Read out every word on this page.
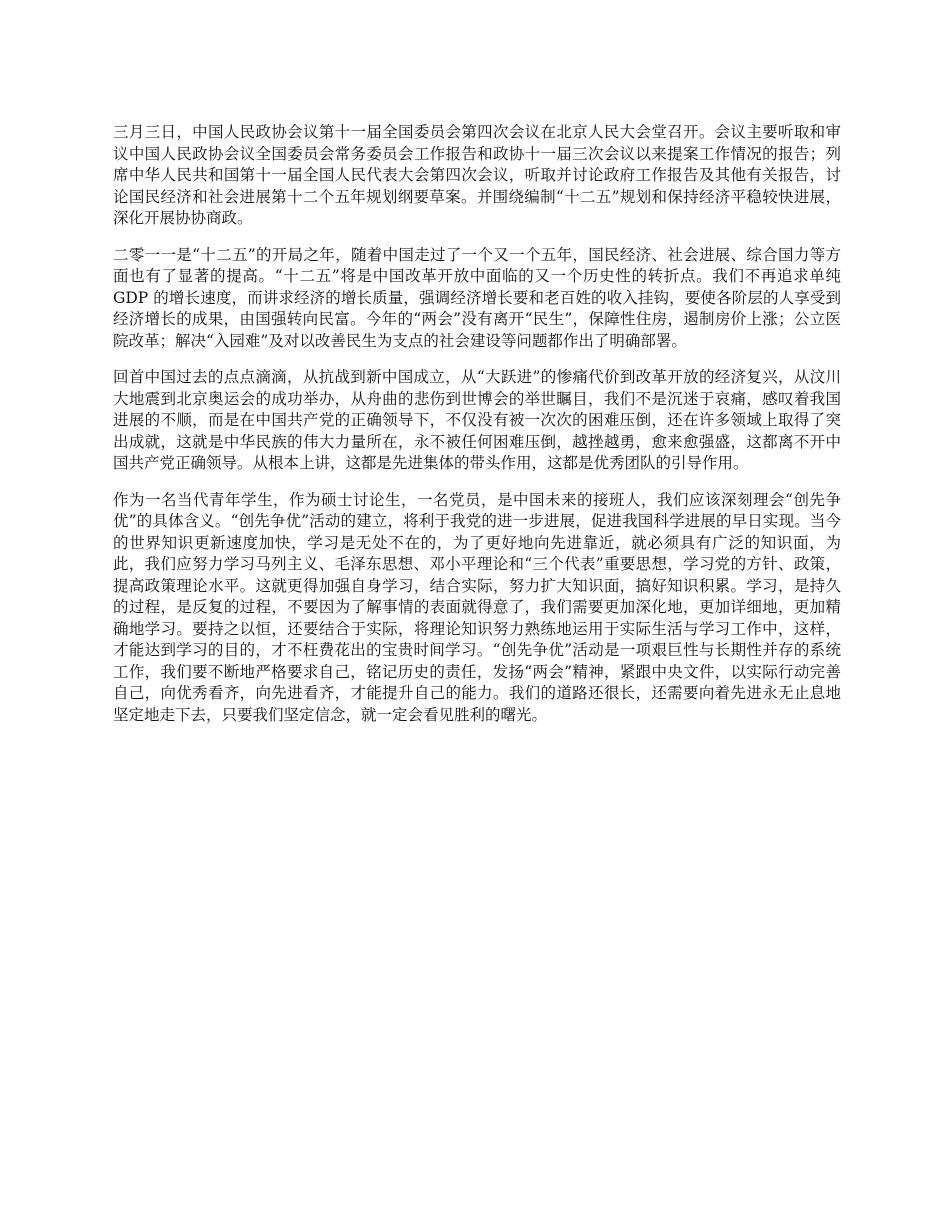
三月三日，中国人民政协会议第十一届全国委员会第四次会议在北京人民大会堂召开。会议主要听取和审议中国人民政协会议全国委员会常务委员会工作报告和政协十一届三次会议以来提案工作情况的报告；列席中华人民共和国第十一届全国人民代表大会第四次会议，听取并讨论政府工作报告及其他有关报告，讨论国民经济和社会进展第十二个五年规划纲要草案。并围绕编制“十二五”规划和保持经济平稳较快进展，深化开展协协商政。

二零一一是“十二五”的开局之年，随着中国走过了一个又一个五年，国民经济、社会进展、综合国力等方面也有了显著的提高。“十二五”将是中国改革开放中面临的又一个历史性的转折点。我们不再追求单纯 GDP 的增长速度，而讲求经济的增长质量，强调经济增长要和老百姓的收入挂钩，要使各阶层的人享受到经济增长的成果，由国强转向民富。今年的“两会”没有离开“民生”，保障性住房，遏制房价上涨；公立医院改革；解决“入园难”及对以改善民生为支点的社会建设等问题都作出了明确部署。

回首中国过去的点点滴滴，从抗战到新中国成立，从“大跃进”的惨痛代价到改革开放的经济复兴，从汶川大地震到北京奥运会的成功举办，从舟曲的悲伤到世博会的举世瞩目，我们不是沉迷于哀痛，感叹着我国进展的不顺，而是在中国共产党的正确领导下，不仅没有被一次次的困难压倒，还在许多领域上取得了突出成就，这就是中华民族的伟大力量所在，永不被任何困难压倒，越挫越勇，愈来愈强盛，这都离不开中国共产党正确领导。从根本上讲，这都是先进集体的带头作用，这都是优秀团队的引导作用。

作为一名当代青年学生，作为硕士讨论生，一名党员，是中国未来的接班人，我们应该深刻理会“创先争优”的具体含义。“创先争优”活动的建立，将利于我党的进一步进展，促进我国科学进展的早日实现。当今的世界知识更新速度加快，学习是无处不在的，为了更好地向先进靠近，就必须具有广泛的知识面，为此，我们应努力学习马列主义、毛泽东思想、邓小平理论和“三个代表”重要思想，学习党的方针、政策，提高政策理论水平。这就更得加强自身学习，结合实际，努力扩大知识面，搞好知识积累。学习，是持久的过程，是反复的过程，不要因为了解事情的表面就得意了，我们需要更加深化地，更加详细地，更加精确地学习。要持之以恒，还要结合于实际，将理论知识努力熟练地运用于实际生活与学习工作中，这样，才能达到学习的目的，才不枉费花出的宝贵时间学习。“创先争优”活动是一项艰巨性与长期性并存的系统工作，我们要不断地严格要求自己，铭记历史的责任，发扬“两会”精神，紧跟中央文件，以实际行动完善自己，向优秀看齐，向先进看齐，才能提升自己的能力。我们的道路还很长，还需要向着先进永无止息地坚定地走下去，只要我们坚定信念，就一定会看见胜利的曙光。
